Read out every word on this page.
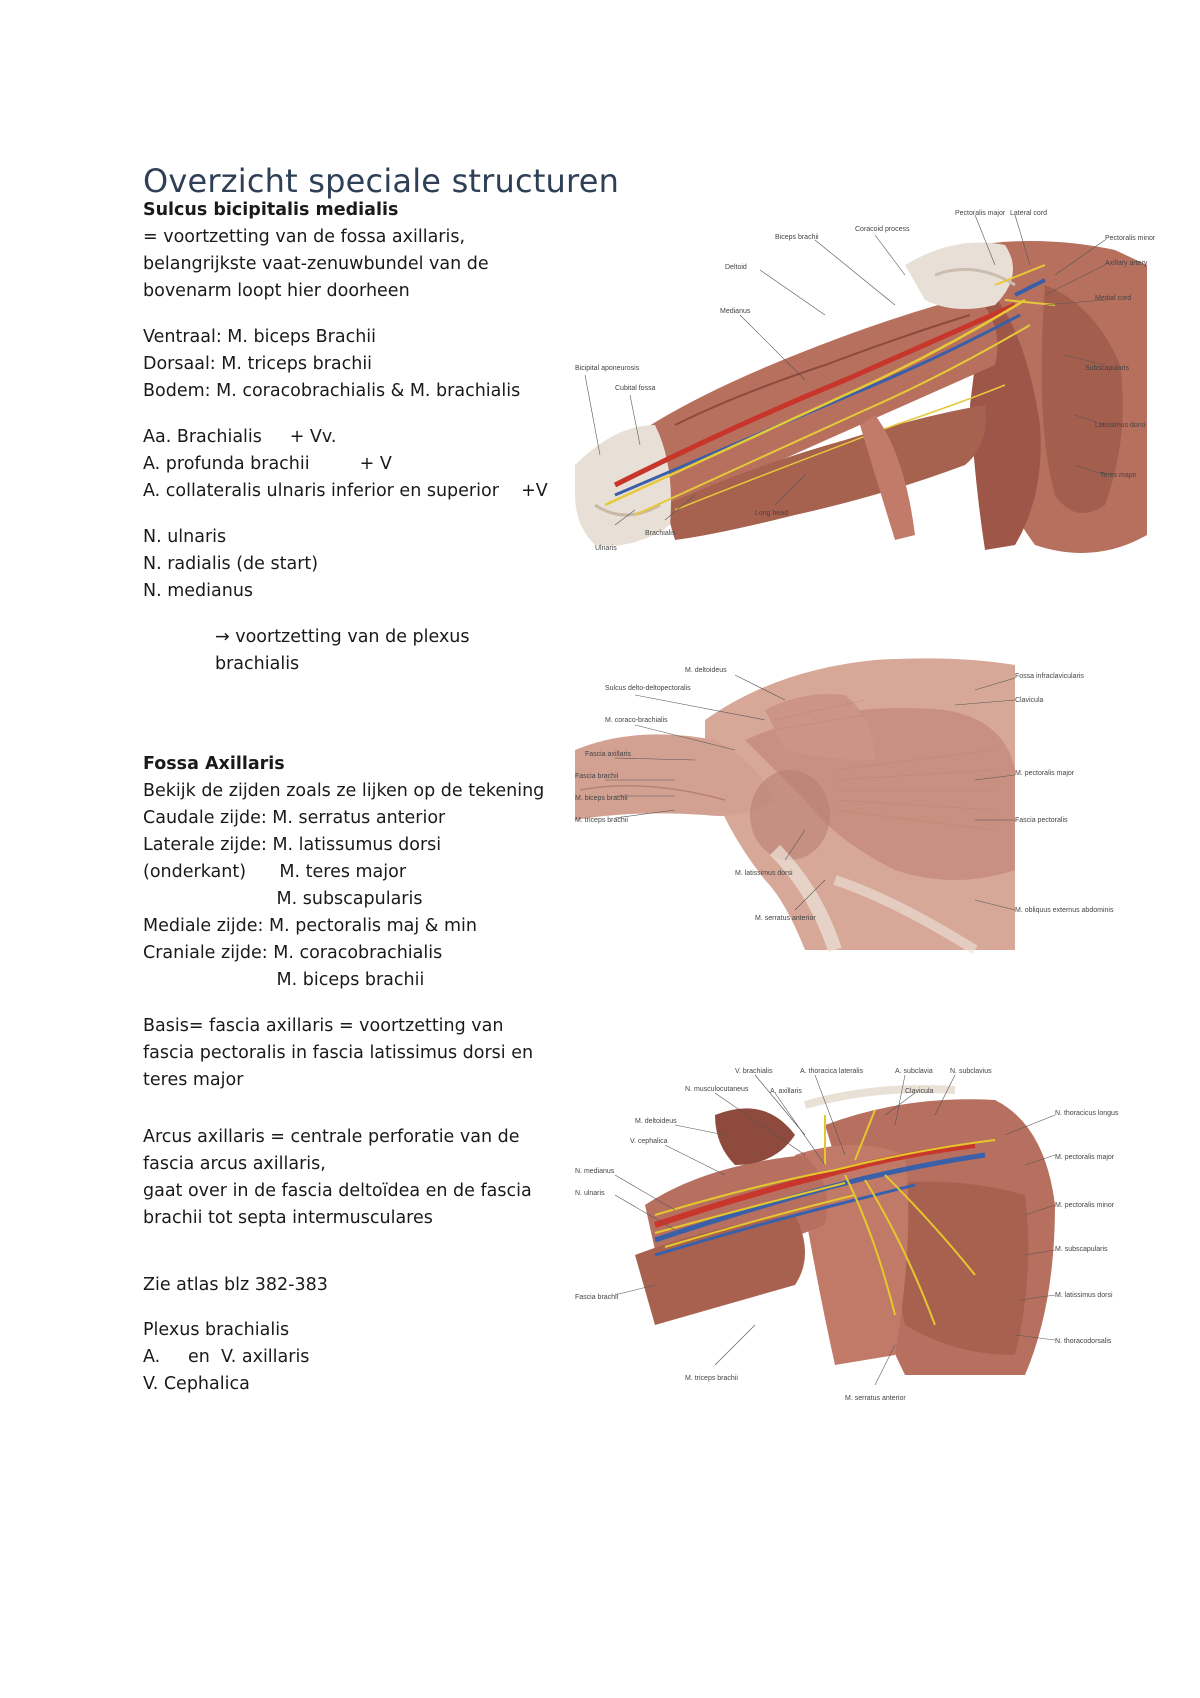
Overzicht speciale structuren
Sulcus bicipitalis medialis
= voortzetting van de fossa axillaris,
belangrijkste vaat-zenuwbundel van de
bovenarm loopt hier doorheen
Ventraal: M. biceps Brachii
Dorsaal: M. triceps brachii
Bodem: M. coracobrachialis & M. brachialis
Aa. Brachialis     + Vv.
A. profunda brachii         + V
A. collateralis ulnaris inferior en superior    +V
N. ulnaris
N. radialis (de start)
N. medianus
→ voortzetting van de plexus
brachialis
Fossa Axillaris
Bekijk de zijden zoals ze lijken op de tekening
Caudale zijde: M. serratus anterior
Laterale zijde: M. latissumus dorsi
(onderkant)      M. teres major
M. subscapularis
Mediale zijde: M. pectoralis maj & min
Craniale zijde: M. coracobrachialis
M. biceps brachii
Basis= fascia axillaris = voortzetting van
fascia pectoralis in fascia latissimus dorsi en
teres major
Arcus axillaris = centrale perforatie van de
fascia arcus axillaris,
gaat over in de fascia deltoïdea en de fascia
brachii tot septa intermusculares
Zie atlas blz 382-383
Plexus brachialis
A.     en  V. axillaris
V. Cephalica
Coracoid process
Pectoralis major Lateral cord
Biceps brachii
Deltoid
Medianus
Pectoralis minor
Axillary artery
Medial cord
Subscapularis
Latissimus dorsi
Teres major
Long head
Brachialis
Ulnaris
Cubital fossa
Bicipital aponeurosis
M. deltoideus
Sulcus delto-deltopectoralis
Fossa infraclavicularis
Clavicula
M. coraco-brachialis
Fascia axillaris
Fascia brachii
M. biceps brachii
M. triceps brachii
M. pectoralis major
Fascia pectoralis
M. latissimus dorsi
M. serratus anterior
M. obliquus externus abdominis
V. brachialis	A. thoracica lateralis	A. subclavia N. subclavius
N. musculocutaneus	A. axillaris	Clavicula
N. medianus
N. ulnaris
M. deltoideus
V. cephalica
Fascia brachii
N. thoracicus longus
M. pectoralis major
M. pectoralis minor
M. subscapularis
M. latissimus dorsi
M. serratus anterior
M. triceps brachii
N. thoracodorsalis
